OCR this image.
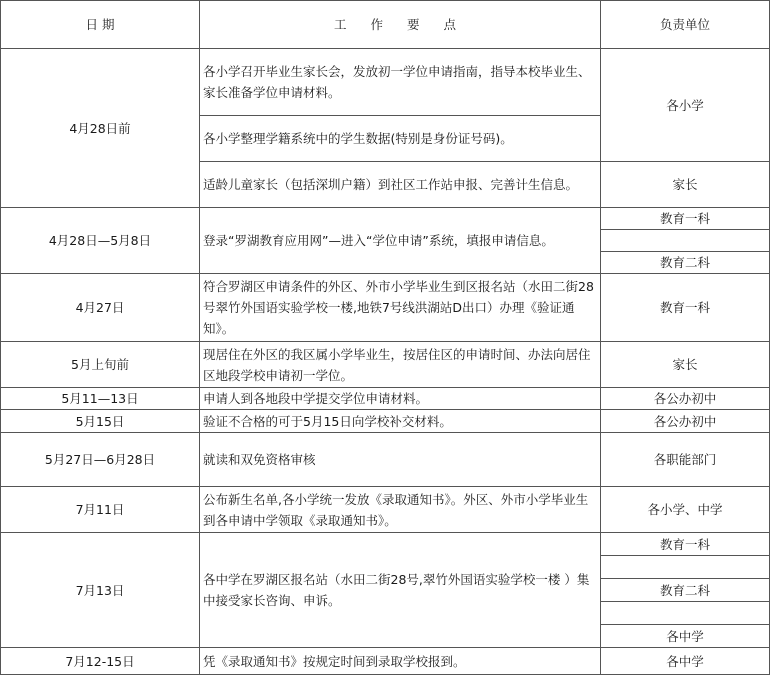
日 期	工 作 要 点	负责单位
4月28日前	各小学召开毕业生家长会，发放初一学位申请指南，指导本校毕业生、家长准备学位申请材料。	各小学
	各小学整理学籍系统中的学生数据(特别是身份证号码)。	
	适龄儿童家长（包括深圳户籍）到社区工作站申报、完善计生信息。	家长
4月28日—5月8日	登录“罗湖教育应用网”—进入“学位申请”系统，填报申请信息。	教育一科

		教育二科
4月27日	符合罗湖区申请条件的外区、外市小学毕业生到区报名站（水田二街28号翠竹外国语实验学校一楼,地铁7号线洪湖站D出口）办理《验证通知》。	教育一科
5月上旬前	现居住在外区的我区属小学毕业生，按居住区的申请时间、办法向居住区地段学校申请初一学位。	家长
5月11—13日	申请人到各地段中学提交学位申请材料。	各公办初中
5月15日	验证不合格的可于5月15日向学校补交材料。	各公办初中
5月27日—6月28日	就读和双免资格审核	各职能部门
7月11日	公布新生名单,各小学统一发放《录取通知书》。外区、外市小学毕业生到各申请中学领取《录取通知书》。	各小学、中学
7月13日	各中学在罗湖区报名站（水田二街28号,翠竹外国语实验学校一楼 ）集中接受家长咨询、申诉。	教育一科

		教育二科

		各中学
7月12-15日	凭《录取通知书》按规定时间到录取学校报到。	各中学
